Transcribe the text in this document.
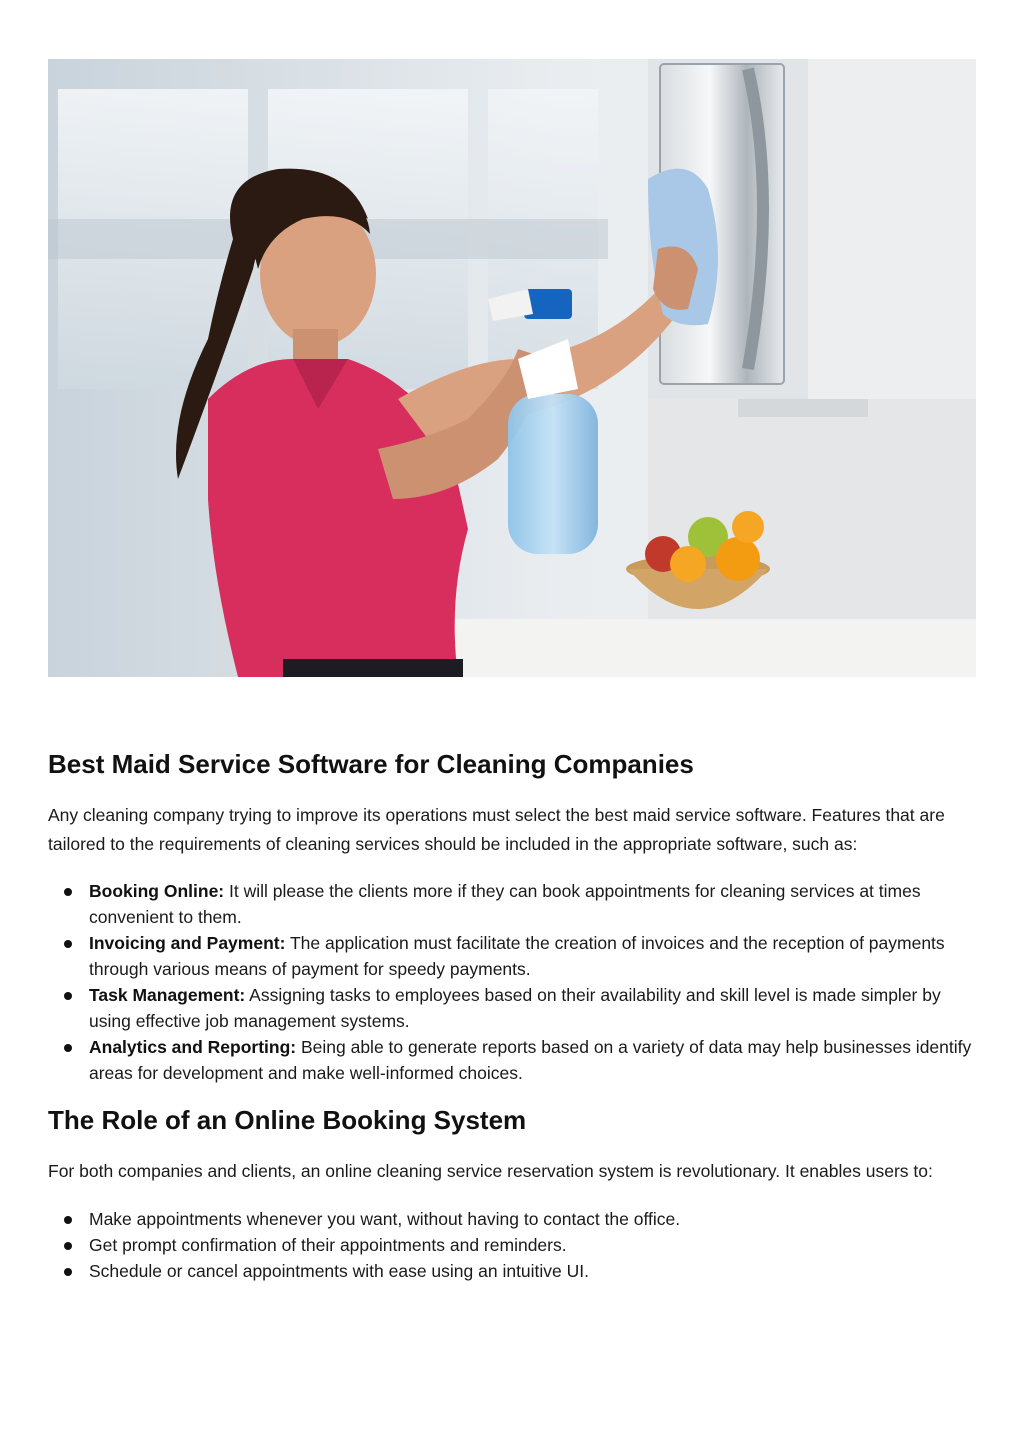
Best Maid Service Software for Cleaning Companies

Any cleaning company trying to improve its operations must select the best maid service software. Features that are tailored to the requirements of cleaning services should be included in the appropriate software, such as:

Booking Online: It will please the clients more if they can book appointments for cleaning services at times convenient to them.
Invoicing and Payment: The application must facilitate the creation of invoices and the reception of payments through various means of payment for speedy payments.
Task Management: Assigning tasks to employees based on their availability and skill level is made simpler by using effective job management systems.
Analytics and Reporting: Being able to generate reports based on a variety of data may help businesses identify areas for development and make well-informed choices.
The Role of an Online Booking System

For both companies and clients, an online cleaning service reservation system is revolutionary. It enables users to:

Make appointments whenever you want, without having to contact the office.
Get prompt confirmation of their appointments and reminders.
Schedule or cancel appointments with ease using an intuitive UI.
